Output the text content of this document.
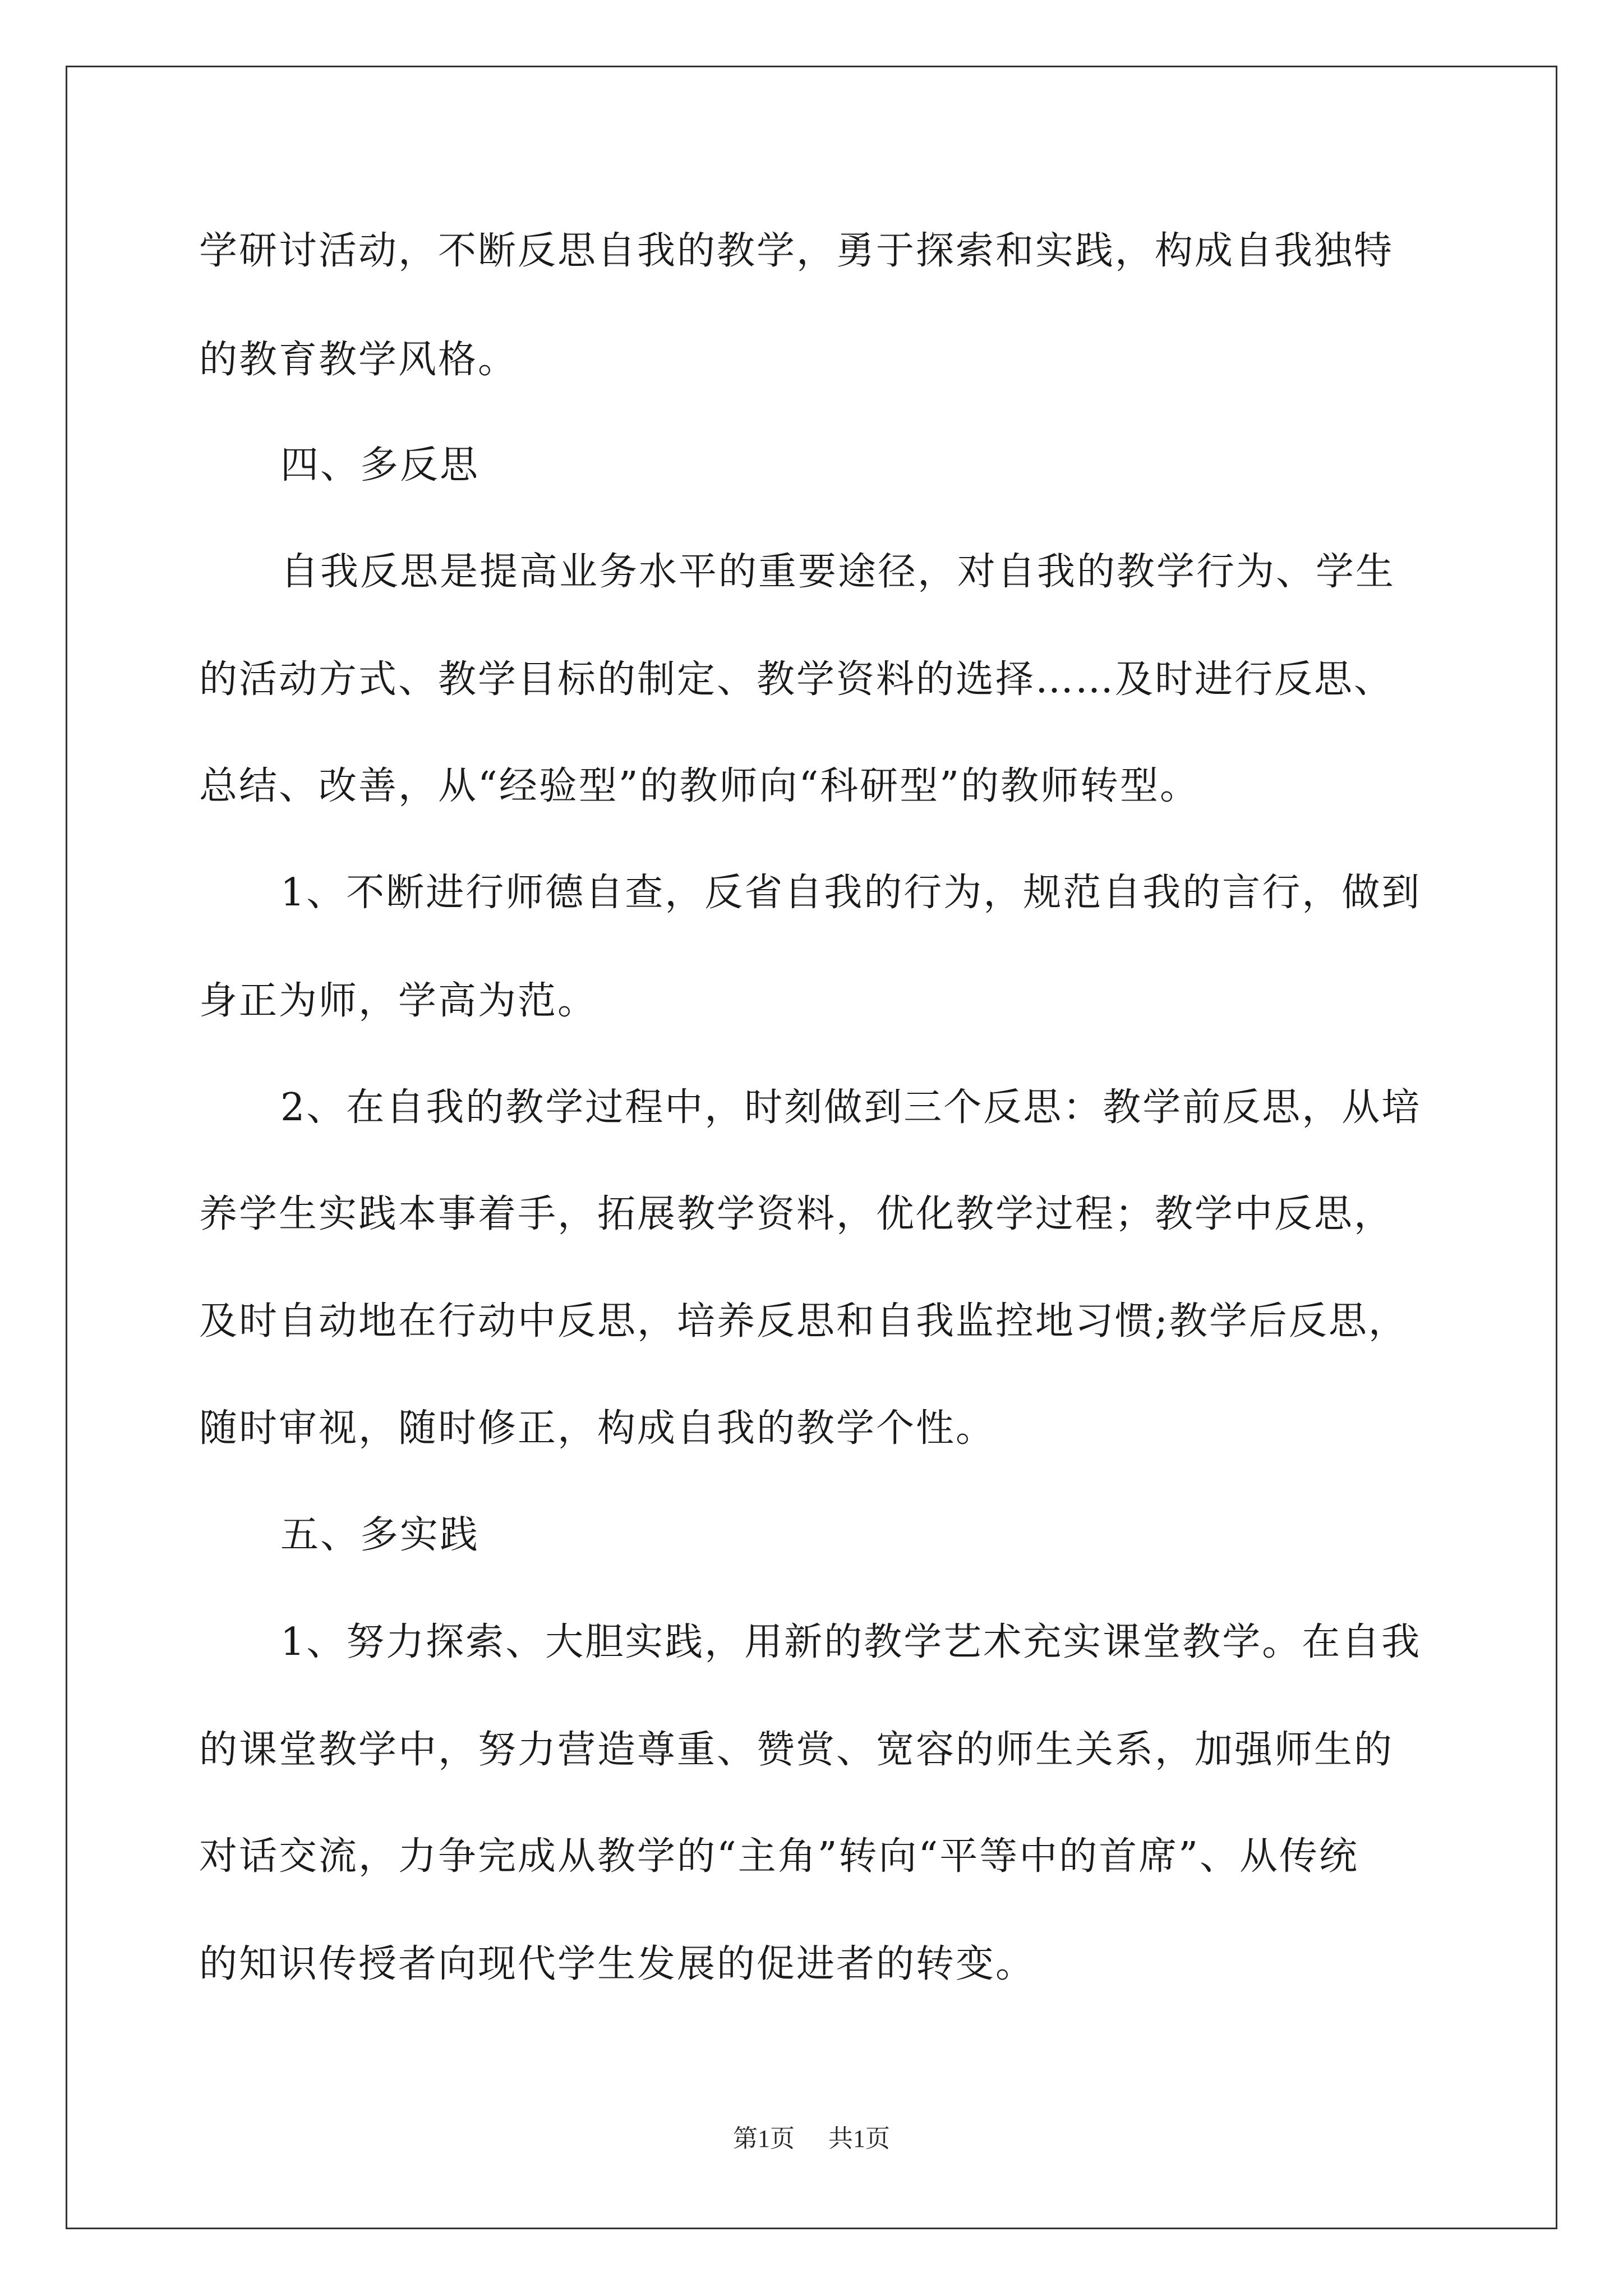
学研讨活动，不断反思自我的教学，勇于探索和实践，构成自我独特
的教育教学风格。
四、多反思
自我反思是提高业务水平的重要途径，对自我的教学行为、学生
的活动方式、教学目标的制定、教学资料的选择……及时进行反思、
总结、改善，从“经验型”的教师向“科研型”的教师转型。
1、不断进行师德自查，反省自我的行为，规范自我的言行，做到
身正为师，学高为范。
2、在自我的教学过程中，时刻做到三个反思：教学前反思，从培
养学生实践本事着手，拓展教学资料，优化教学过程；教学中反思，
及时自动地在行动中反思，培养反思和自我监控地习惯;教学后反思，
随时审视，随时修正，构成自我的教学个性。
五、多实践
1、努力探索、大胆实践，用新的教学艺术充实课堂教学。在自我
的课堂教学中，努力营造尊重、赞赏、宽容的师生关系，加强师生的
对话交流，力争完成从教学的“主角”转向“平等中的首席”、从传统
的知识传授者向现代学生发展的促进者的转变。
第1页 共1页
